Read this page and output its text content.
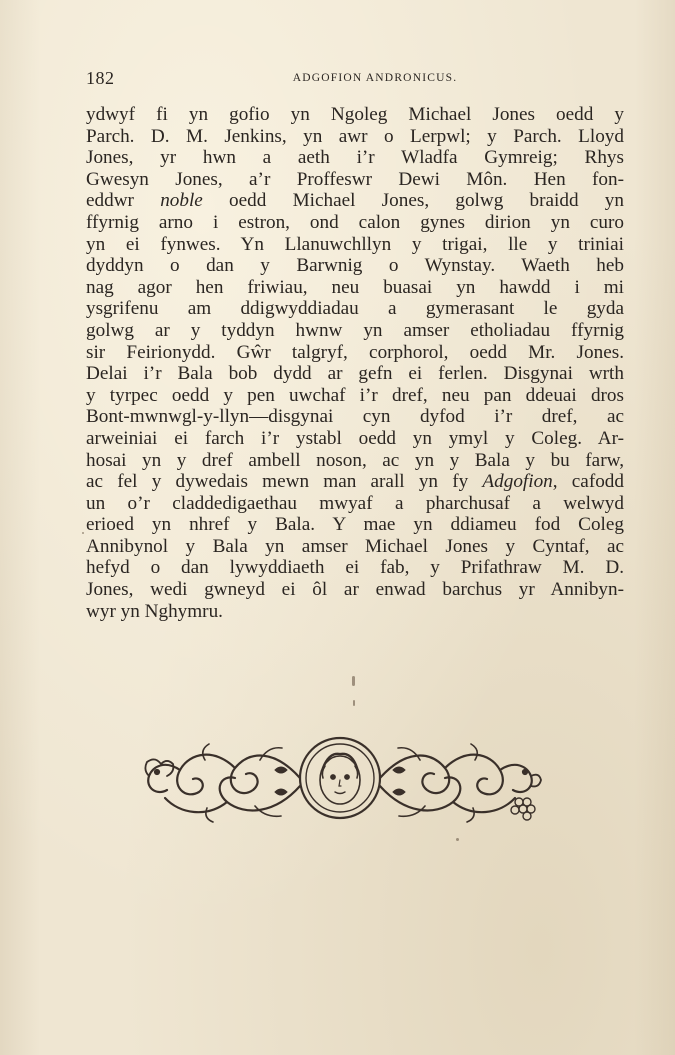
182	ADGOFION ANDRONICUS.
ydwyf fi yn gofio yn Ngoleg Michael Jones oedd y
Parch. D. M. Jenkins, yn awr o Lerpwl; y Parch. Lloyd
Jones, yr hwn a aeth i’r Wladfa Gymreig; Rhys
Gwesyn Jones, a’r Proffeswr Dewi Môn. Hen fon-
eddwr noble oedd Michael Jones, golwg braidd yn
ffyrnig arno i estron, ond calon gynes dirion yn curo
yn ei fynwes. Yn Llanuwchllyn y trigai, lle y triniai
dyddyn o dan y Barwnig o Wynstay. Waeth heb
nag agor hen friwiau, neu buasai yn hawdd i mi
ysgrifenu am ddigwyddiadau a gymerasant le gyda
golwg ar y tyddyn hwnw yn amser etholiadau ffyrnig
sir Feirionydd. Gŵr talgryf, corphorol, oedd Mr. Jones.
Delai i’r Bala bob dydd ar gefn ei ferlen. Disgynai wrth
y tyrpec oedd y pen uwchaf i’r dref, neu pan ddeuai dros
Bont-mwnwgl-y-llyn—disgynai cyn dyfod i’r dref, ac
arweiniai ei farch i’r ystabl oedd yn ymyl y Coleg. Ar-
hosai yn y dref ambell noson, ac yn y Bala y bu farw,
ac fel y dywedais mewn man arall yn fy Adgofion, cafodd
un o’r claddedigaethau mwyaf a pharchusaf a welwyd
erioed yn nhref y Bala. Y mae yn ddiameu fod Coleg
Annibynol y Bala yn amser Michael Jones y Cyntaf, ac
hefyd o dan lywyddiaeth ei fab, y Prifathraw M. D.
Jones, wedi gwneyd ei ôl ar enwad barchus yr Annibyn-
wyr yn Nghymru.
